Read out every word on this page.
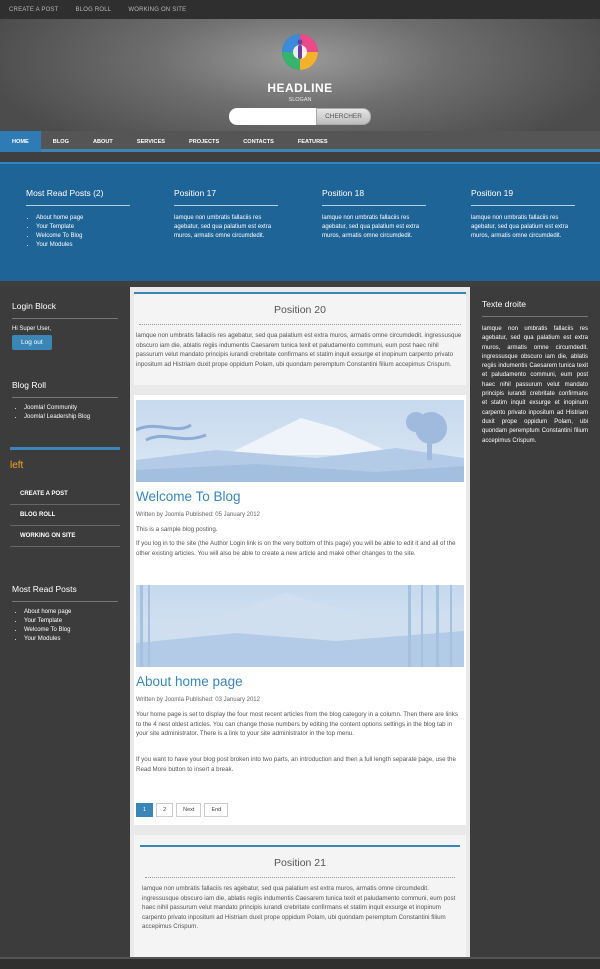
CREATE A POST	BLOG ROLL	WORKING ON SITE
HEADLINE
SLOGAN
CHERCHER
HOME	BLOG	ABOUT	SERVICES	PROJECTS	CONTACTS	FEATURES
Most Read Posts (2)
• About home page
• Your Template
• Welcome To Blog
• Your Modules
Position 17

lamque non umbratis fallaciis res agebatur, sed qua palatium est extra muros, armatis omne circumdedit.

Position 18

lamque non umbratis fallaciis res agebatur, sed qua palatium est extra muros, armatis omne circumdedit.

Position 19

lamque non umbratis fallaciis res agebatur, sed qua palatium est extra muros, armatis omne circumdedit.

Login Block
Hi Super User,
Log out
Blog Roll
• Joomla! Community
• Joomla! Leadership Blog
left
CREATE A POST
BLOG ROLL
WORKING ON SITE
Most Read Posts
• About home page
• Your Template
• Welcome To Blog
• Your Modules
Position 20
lamque non umbratis fallaciis res agebatur, sed qua palatium est extra muros, armatis omne circumdedit. ingressusque obscuro iam die, ablatis regiis indumentis Caesarem tunica texit et paludamento communi, eum post haec nihil passurum velut mandato principis iurandi crebritate confirmans et statim inquit exsurge et inopinum carpento privato inpositum ad Histriam duxit prope oppidum Polam, ubi quondam peremptum Constantini filium accepimus Crispum.
Welcome To Blog
Written by Joomla Published: 05 January 2012
This is a sample blog posting.
If you log in to the site (the Author Login link is on the very bottom of this page) you will be able to edit it and all of the other existing articles. You will also be able to create a new article and make other changes to the site.
About home page
Written by Joomla Published: 03 January 2012
Your home page is set to display the four most recent articles from the blog category in a column. Then there are links to the 4 nest oldest articles. You can change those numbers by editing the content options settings in the blog tab in your site administrator. There is a link to your site administrator in the top menu.
If you want to have your blog post broken into two parts, an introduction and then a full length separate page, use the Read More button to insert a break.
1	2	Next	End
Position 21
lamque non umbratis fallaciis res agebatur, sed qua palatium est extra muros, armatis omne circumdedit. ingressusque obscuro iam die, ablatis regiis indumentis Caesarem tunica texit et paludamento communi, eum post haec nihil passurum velut mandato principis iurandi crebritate confirmans et statim inquit exsurge et inopinum carpento privato inpositum ad Histriam duxit prope oppidum Polam, ubi quondam peremptum Constantini filium accepimus Crispum.
Texte droite

lamque non umbratis fallaciis res agebatur, sed qua palatium est extra muros, armatis omne circumdedit. ingressusque obscuro iam die, ablatis regiis indumentis Caesarem tunica texit et paludamento communi, eum post haec nihil passurum velut mandato principis iurandi crebritate confirmans et statim inquit exsurge et inopinum carpento privato inpositum ad Histriam duxit prope oppidum Polam, ubi quondam peremptum Constantini filium accepimus Crispum.
